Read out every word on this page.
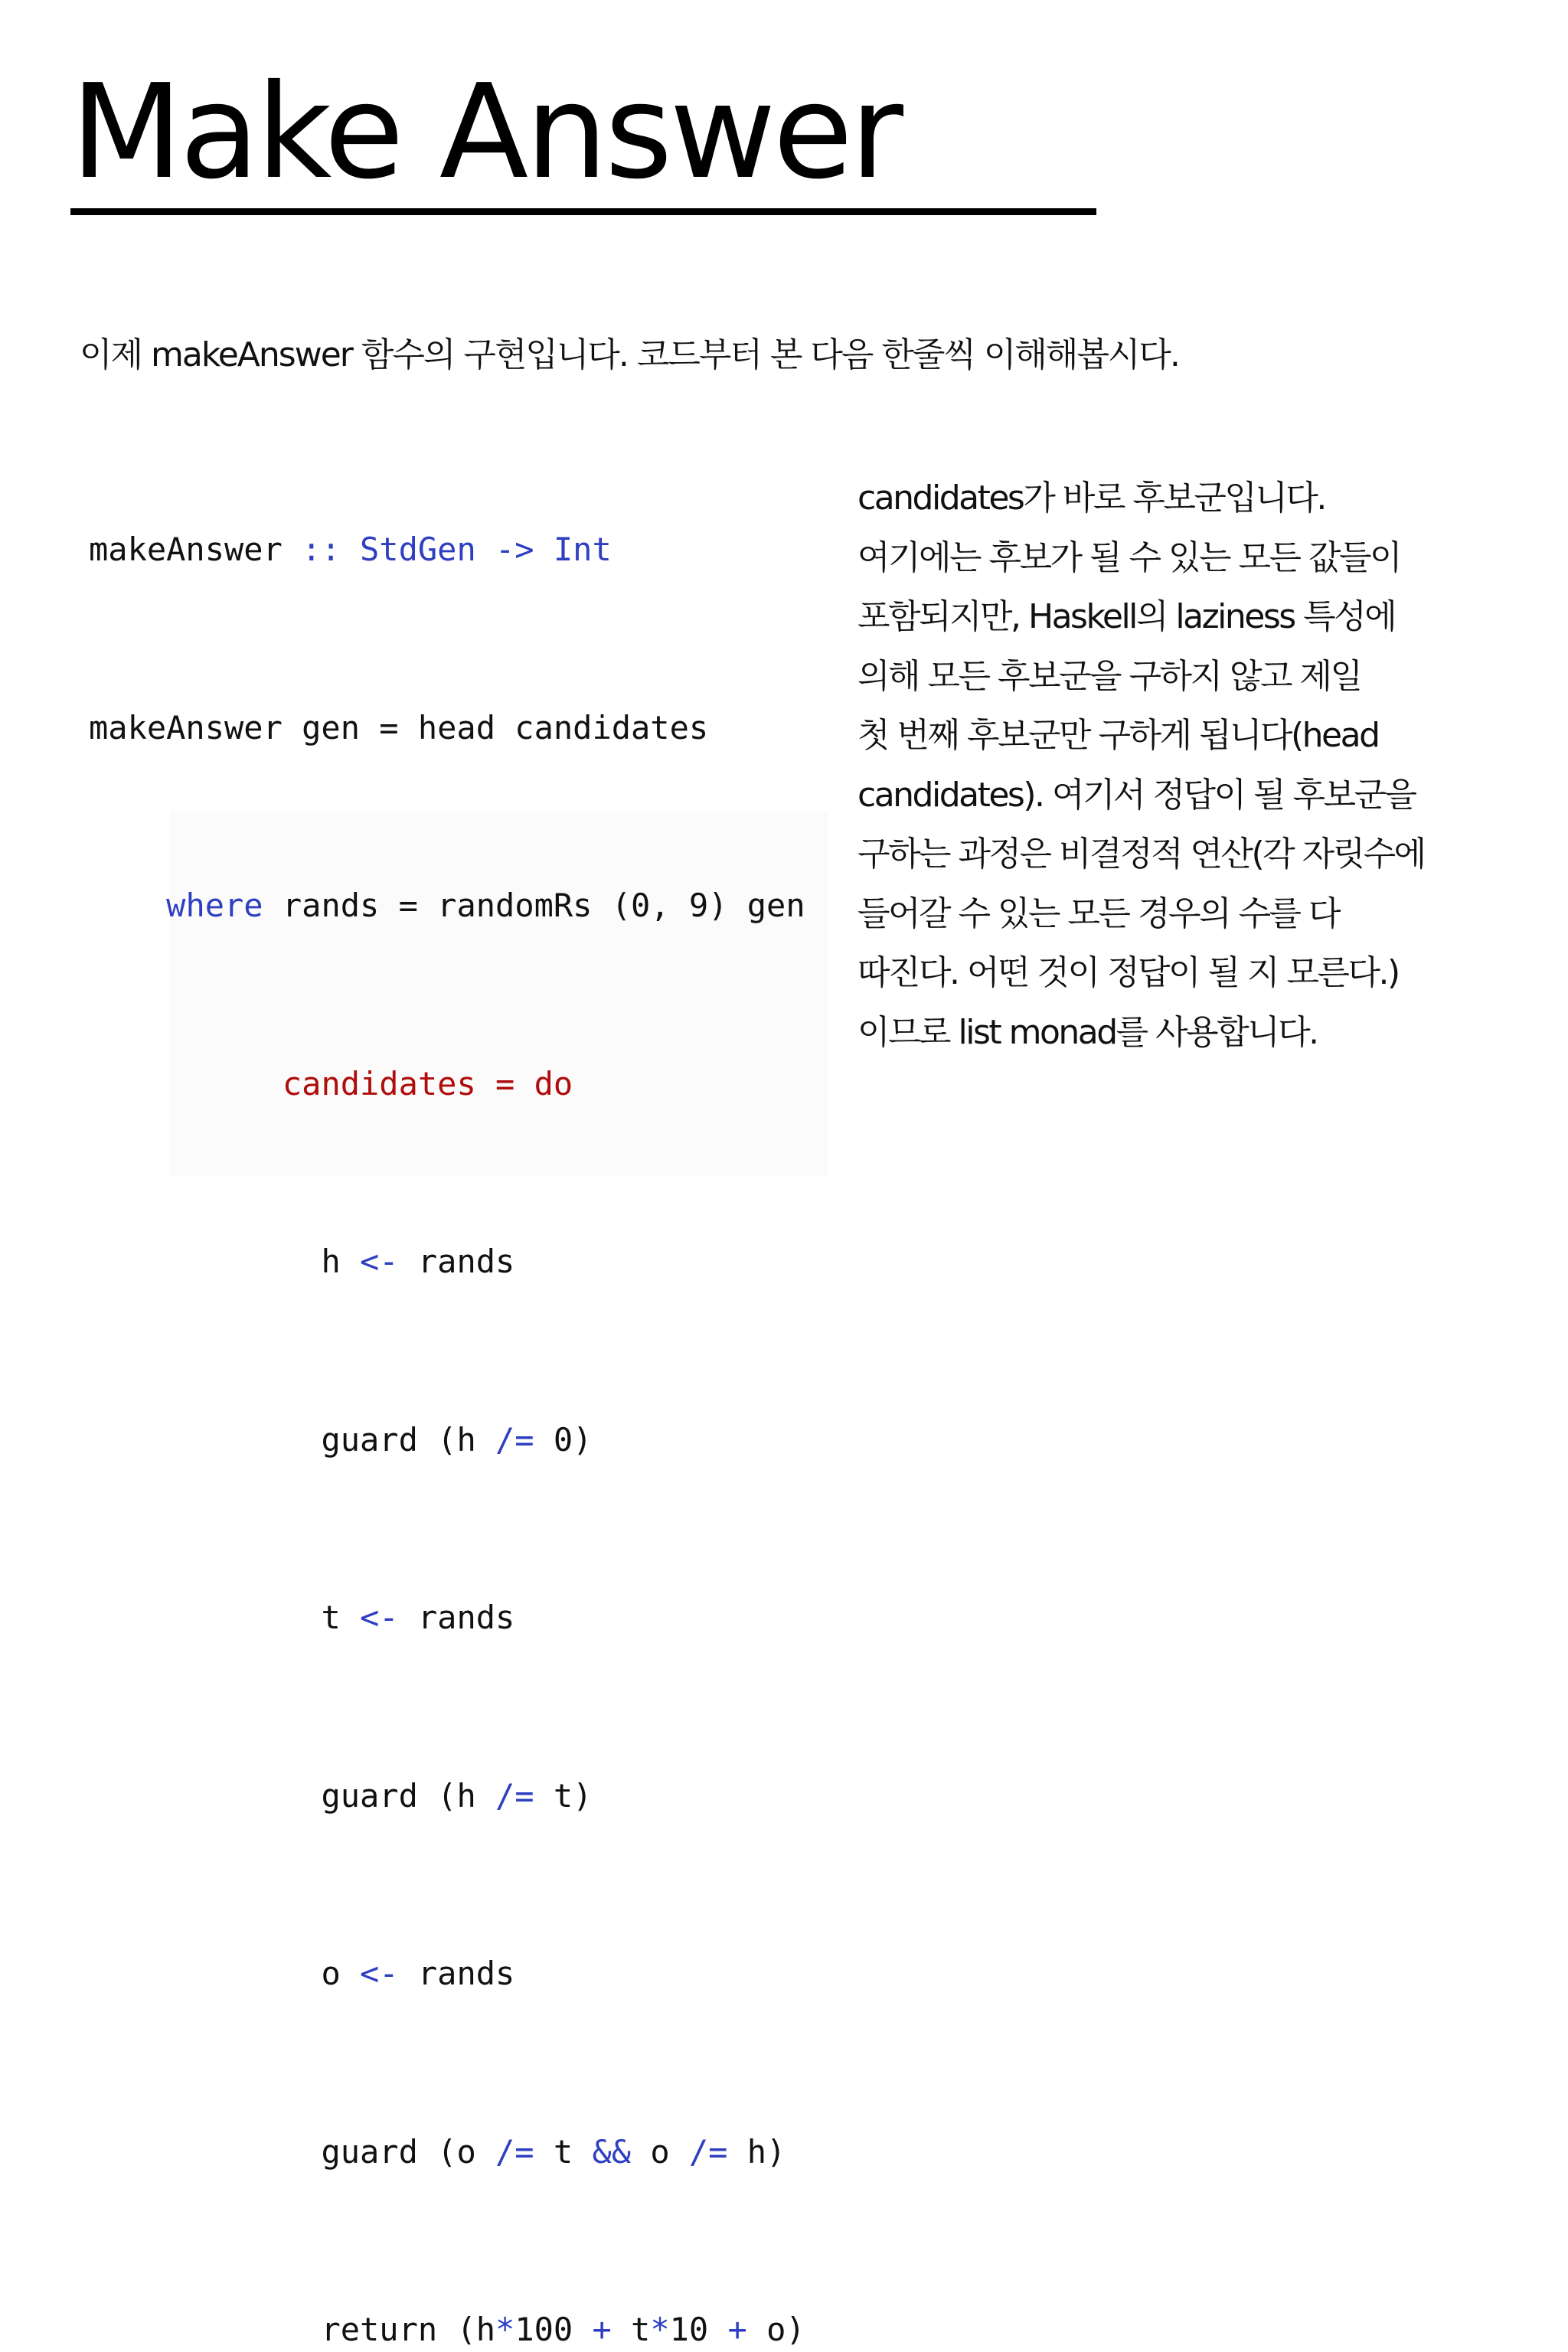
Make Answer
이제 makeAnswer 함수의 구현입니다. 코드부터 본 다음 한줄씩 이해해봅시다.

makeAnswer :: StdGen -> Int

makeAnswer gen = head candidates

where rands = randomRs (0, 9) gen

candidates = do

h <- rands

guard (h /= 0)

t <- rands

guard (h /= t)

o <- rands

guard (o /= t && o /= h)

return (h*100 + t*10 + o)

candidates가 바로 후보군입니다.
여기에는 후보가 될 수 있는 모든 값들이
포함되지만, Haskell의 laziness 특성에
의해 모든 후보군을 구하지 않고 제일
첫 번째 후보군만 구하게 됩니다(head
candidates). 여기서 정답이 될 후보군을
구하는 과정은 비결정적 연산(각 자릿수에
들어갈 수 있는 모든 경우의 수를 다
따진다. 어떤 것이 정답이 될 지 모른다.)
이므로 list monad를 사용합니다.
